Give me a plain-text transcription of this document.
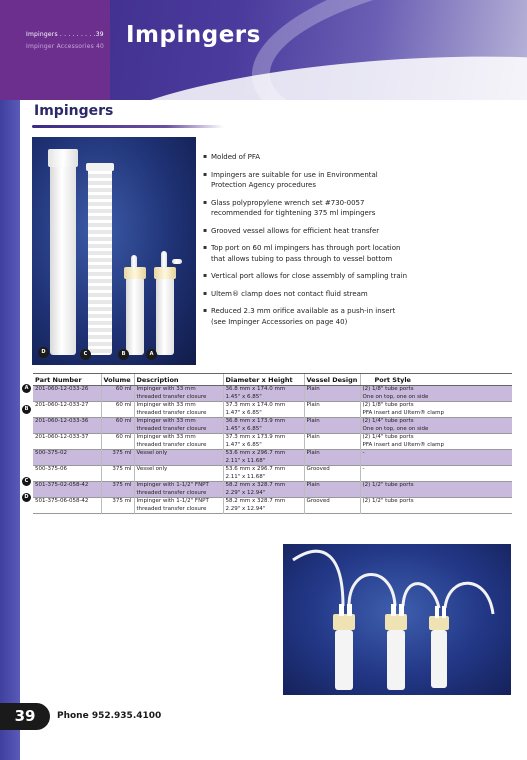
Impingers . . . . . . . . .39
Impinger Accessories 40 Impingers
Impingers
D	C	B	A
▪ Molded of PFA
▪ Impingers are suitable for use in Environmental
Protection Agency procedures
▪ Glass polypropylene wrench set #730-0057
recommended for tightening 375 ml impingers
▪ Grooved vessel allows for efficient heat transfer
▪ Top port on 60 ml impingers has through port location
that allows tubing to pass through to vessel bottom
▪ Vertical port allows for close assembly of sampling train
▪ Ultem® clamp does not contact fluid stream
▪ Reduced 2.3 mm orifice available as a push-in insert
(see Impinger Accessories on page 40)
Part Number	Volume	Description	Diameter x Height	Vessel Design	Port Style
201-060-12-033-26	60 ml	Impinger with 33 mm
threaded transfer closure	36.8 mm x 174.0 mm
1.45" x 6.85"	Plain	(2) 1/8" tube ports
One on top, one on side
201-060-12-033-27	60 ml	Impinger with 33 mm
threaded transfer closure	37.3 mm x 174.0 mm
1.47" x 6.85"	Plain	(2) 1/8" tube ports
PFA insert and Ultem® clamp
201-060-12-033-36	60 ml	Impinger with 33 mm
threaded transfer closure	36.8 mm x 173.9 mm
1.45" x 6.85"	Plain	(2) 1/4" tube ports
One on top, one on side
201-060-12-033-37	60 ml	Impinger with 33 mm
threaded transfer closure	37.3 mm x 173.9 mm
1.47" x 6.85"	Plain	(2) 1/4" tube ports
PFA insert and Ultem® clamp
500-375-02	375 ml	Vessel only	53.6 mm x 296.7 mm
2.11" x 11.68"	Plain	-
500-375-06	375 ml	Vessel only	53.6 mm x 296.7 mm
2.11" x 11.68"	Grooved	-
501-375-02-058-42	375 ml	Impinger with 1-1/2" FNPT
threaded transfer closure	58.2 mm x 328.7 mm
2.29" x 12.94"	Plain	(2) 1/2" tube ports
501-375-06-058-42	375 ml	Impinger with 1-1/2" FNPT
threaded transfer closure	58.2 mm x 328.7 mm
2.29" x 12.94"	Grooved	(2) 1/2" tube ports
A
B
C
D
39	Phone 952.935.4100
